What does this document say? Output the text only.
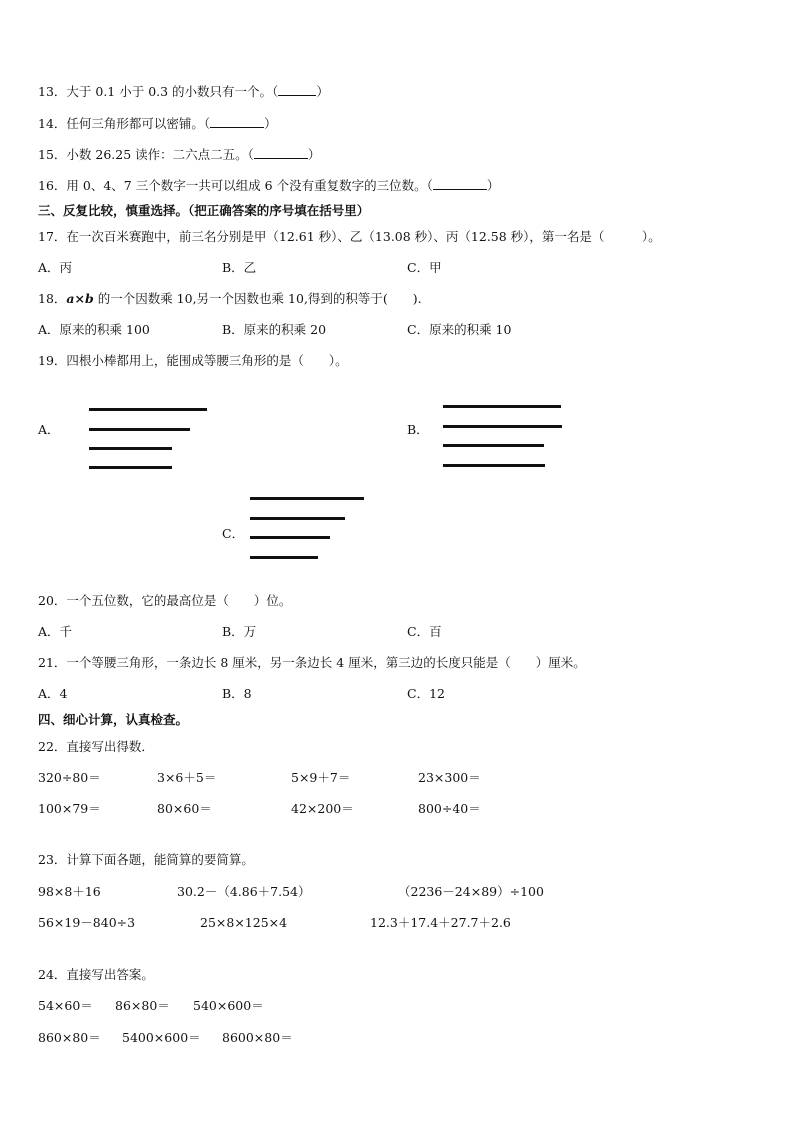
13．大于 0.1 小于 0.3 的小数只有一个。（	）
14．任何三角形都可以密铺。（	）
15．小数 26.25 读作：二六点二五。（	）
16．用 0、4、7 三个数字一共可以组成 6 个没有重复数字的三位数。（	）
三、反复比较，慎重选择。（把正确答案的序号填在括号里）
17．在一次百米赛跑中，前三名分别是甲（12.61 秒）、乙（13.08 秒）、丙（12.58 秒），第一名是（　　　）。
A．丙	B．乙	C．甲
18．a×b 的一个因数乘 10,另一个因数也乘 10,得到的积等于(　　).
A．原来的积乘 100	B．原来的积乘 20	C．原来的积乘 10
19．四根小棒都用上，能围成等腰三角形的是（　　）。
A．	B．
C．
20．一个五位数，它的最高位是（　　）位。
A．千	B．万	C．百
21．一个等腰三角形，一条边长 8 厘米，另一条边长 4 厘米，第三边的长度只能是（　　）厘米。
A．4	B．8	C．12
四、细心计算，认真检查。
22．直接写出得数．
320÷80＝	3×6＋5＝	5×9＋7＝	23×300＝
100×79＝	80×60＝	42×200＝	800÷40＝
23．计算下面各题，能简算的要简算。
98×8＋16	30.2－（4.86＋7.54）	（2236－24×89）÷100
56×19－840÷3	25×8×125×4	12.3＋17.4＋27.7＋2.6
24．直接写出答案。
54×60＝ 86×80＝ 540×600＝
860×80＝ 5400×600＝ 8600×80＝
